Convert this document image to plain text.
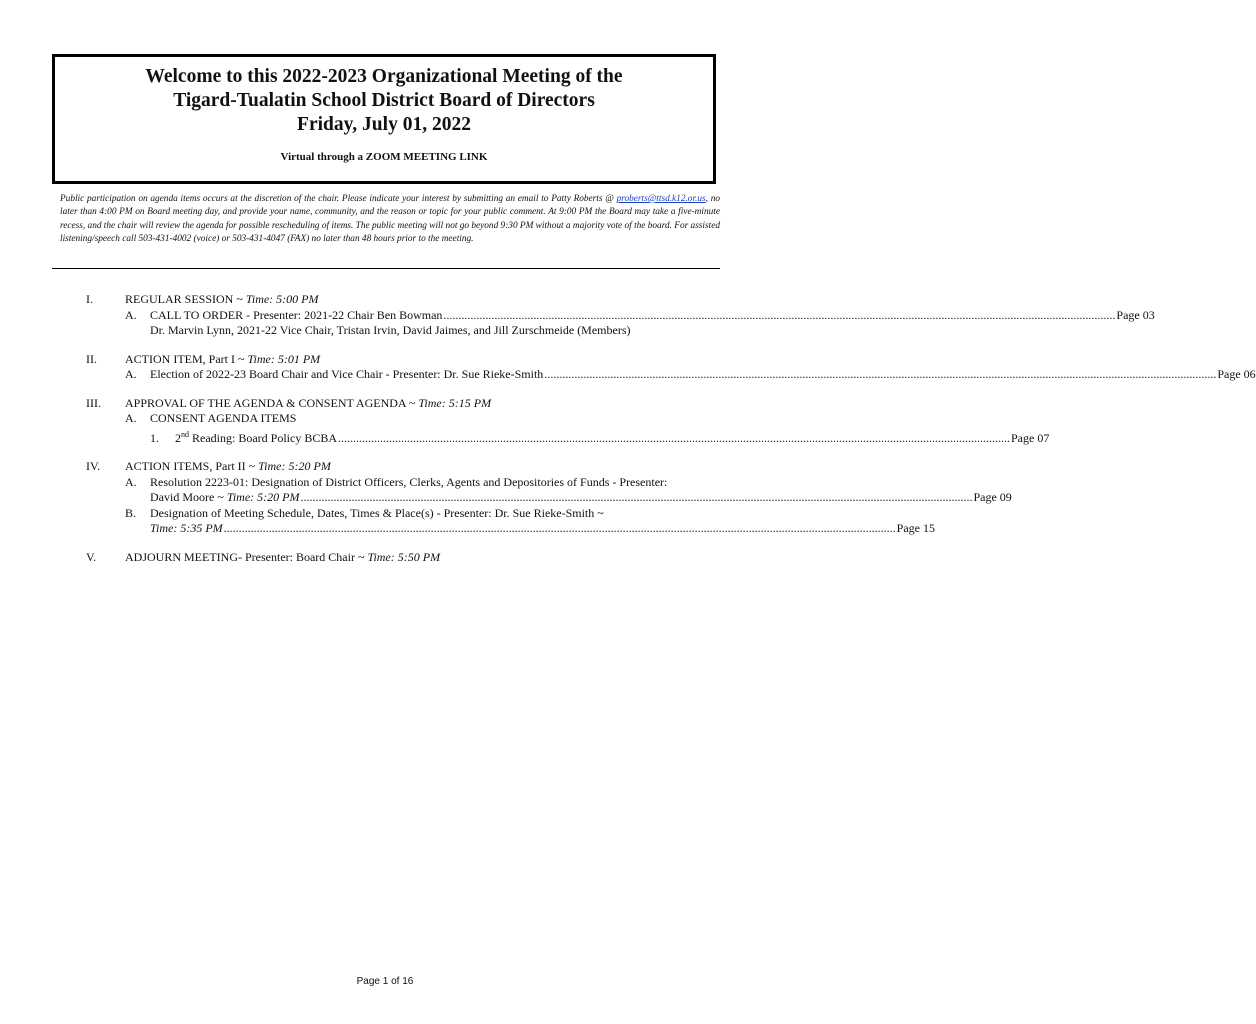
Welcome to this 2022-2023 Organizational Meeting of the

Tigard-Tualatin School District Board of Directors

Friday, July 01, 2022

Virtual through a ZOOM MEETING LINK
Public participation on agenda items occurs at the discretion of the chair. Please indicate your interest by submitting an email to Patty Roberts @ proberts@ttsd.k12.or.us, no later than 4:00 PM on Board meeting day, and provide your name, community, and the reason or topic for your public comment. At 9:00 PM the Board may take a five-minute recess, and the chair will review the agenda for possible rescheduling of items. The public meeting will not go beyond 9:30 PM without a majority vote of the board. For assisted listening/speech call 503-431-4002 (voice) or 503-431-4047 (FAX) no later than 48 hours prior to the meeting.
I.	REGULAR SESSION ~ Time: 5:00 PM
A.	CALL TO ORDER - Presenter: 2021-22 Chair Ben Bowman .....	Page 03
Dr. Marvin Lynn, 2021-22 Vice Chair, Tristan Irvin, David Jaimes, and Jill Zurschmeide (Members)
II. ACTION ITEM, Part I ~ Time: 5:01 PM
A.	Election of 2022-23 Board Chair and Vice Chair - Presenter: Dr. Sue Rieke-Smith .....	Page 06
III. APPROVAL OF THE AGENDA & CONSENT AGENDA ~ Time: 5:15 PM
A.	CONSENT AGENDA ITEMS
1.	2nd Reading: Board Policy BCBA .....	Page 07
IV. ACTION ITEMS, Part II ~ Time: 5:20 PM
A.	Resolution 2223-01: Designation of District Officers, Clerks, Agents and Depositories of Funds - Presenter:
David Moore ~ Time: 5:20 PM .....	Page 09
B.	Designation of Meeting Schedule, Dates, Times & Place(s) - Presenter: Dr. Sue Rieke-Smith ~
Time: 5:35 PM .....	Page 15
V. ADJOURN MEETING- Presenter: Board Chair ~ Time: 5:50 PM
Page 1 of 16
